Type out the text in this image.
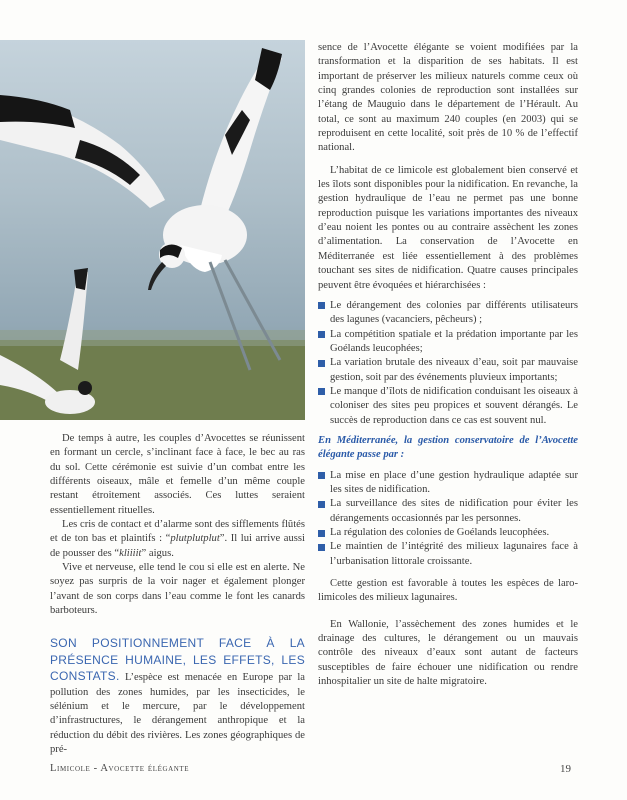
De temps à autre, les couples d’Avocettes se réunissent en formant un cercle, s’inclinant face à face, le bec au ras du sol. Cette cérémonie est suivie d’un combat entre les différents oiseaux, mâle et femelle d’un même couple restant étroitement associés. Ces luttes seraient essentiellement rituelles.

Les cris de contact et d’alarme sont des sifflements flûtés et de ton bas et plaintifs : “plutplutplut”. Il lui arrive aussi de pousser des “kliiiit” aigus.

Vive et nerveuse, elle tend le cou si elle est en alerte. Ne soyez pas surpris de la voir nager et également plonger l’avant de son corps dans l’eau comme le font les canards barboteurs.

SON POSITIONNEMENT FACE À LA PRÉSENCE HUMAINE, LES EFFETS, LES CONSTATS. L’espèce est menacée en Europe par la pollution des zones humides, par les insecticides, le sélénium et le mercure, par le développement d’infrastructures, le dérangement anthropique et la réduction du débit des rivières. Les zones géographiques de pré-

sence de l’Avocette élégante se voient modifiées par la transformation et la disparition de ses habitats. Il est important de préserver les milieux naturels comme ceux où cinq grandes colonies de reproduction sont installées sur l’étang de Mauguio dans le département de l’Hérault. Au total, ce sont au maximum 240 couples (en 2003) qui se reproduisent en cette localité, soit près de 10 % de l’effectif national.

L’habitat de ce limicole est globalement bien conservé et les îlots sont disponibles pour la nidification. En revanche, la gestion hydraulique de l’eau ne permet pas une bonne reproduction puisque les variations importantes des niveaux d’eau noient les pontes ou au contraire assèchent les zones d’alimentation. La conservation de l’Avocette en Méditerranée est liée essentiellement à des problèmes touchant ses sites de nidification. Quatre causes principales peuvent être évoquées et hiérarchisées :

Le dérangement des colonies par différents utilisateurs des lagunes (vacanciers, pêcheurs) ;
La compétition spatiale et la prédation importante par les Goélands leucophées;
La variation brutale des niveaux d’eau, soit par mauvaise gestion, soit par des événements pluvieux importants;
Le manque d’îlots de nidification conduisant les oiseaux à coloniser des sites peu propices et souvent dérangés. Le succès de reproduction dans ce cas est souvent nul.

En Méditerranée, la gestion conservatoire de l’Avocette élégante passe par :

La mise en place d’une gestion hydraulique adaptée sur les sites de nidification.
La surveillance des sites de nidification pour éviter les dérangements occasionnés par les personnes.
La régulation des colonies de Goélands leucophées.
Le maintien de l’intégrité des milieux lagunaires face à l’urbanisation littorale croissante.

Cette gestion est favorable à toutes les espèces de laro-limicoles des milieux lagunaires.

En Wallonie, l’assèchement des zones humides et le drainage des cultures, le dérangement ou un mauvais contrôle des niveaux d’eaux sont autant de facteurs susceptibles de faire échouer une nidification ou rendre inhospitalier un site de halte migratoire.

Limicole - Avocette élégante	19
